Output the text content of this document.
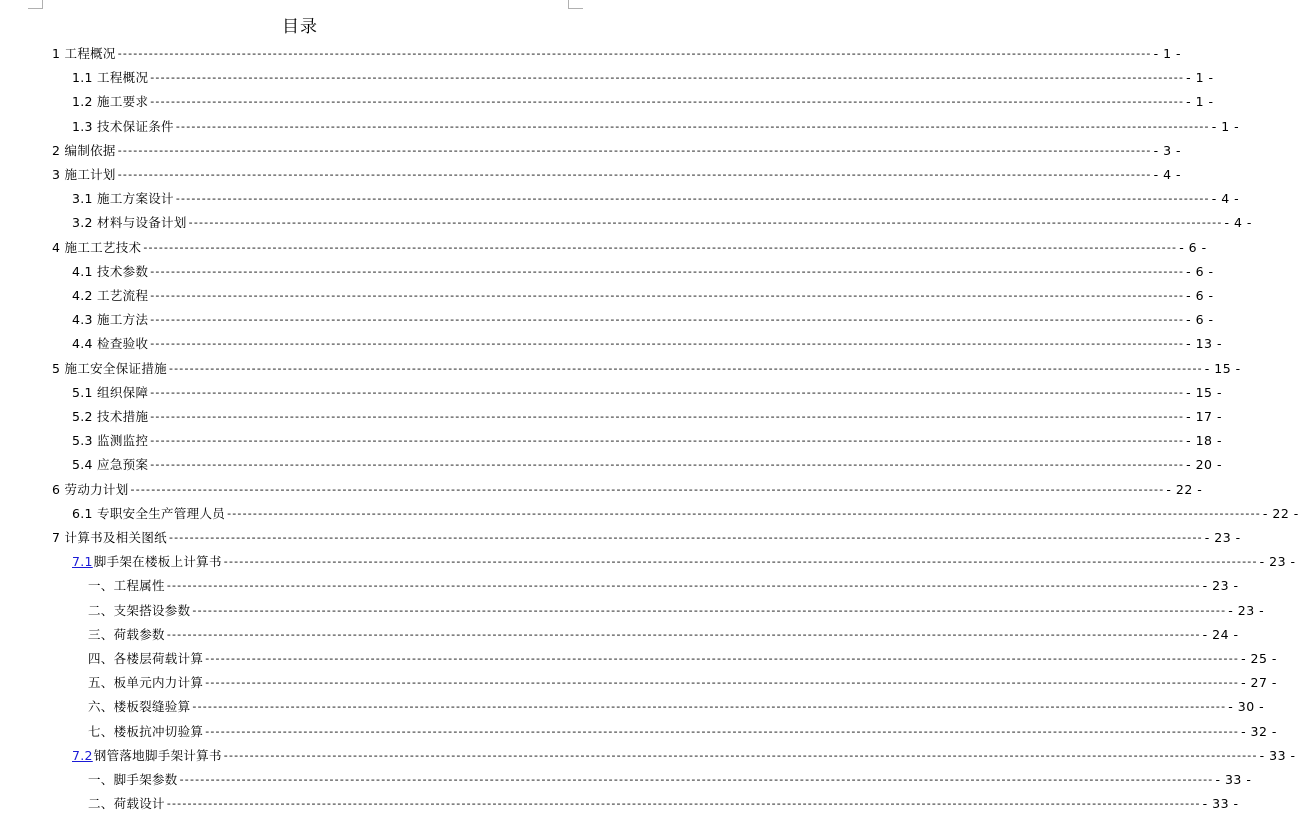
目录
1 工程概况 -------------------------------------------------------------------------------------------------------------------------------------------------------------------------------------------------------- - 1 -
1.1 工程概况 -------------------------------------------------------------------------------------------------------------------------------------------------------------------------------------------------------- - 1 -
1.2 施工要求 -------------------------------------------------------------------------------------------------------------------------------------------------------------------------------------------------------- - 1 -
1.3 技术保证条件 -------------------------------------------------------------------------------------------------------------------------------------------------------------------------------------------------------- - 1 -
2 编制依据 -------------------------------------------------------------------------------------------------------------------------------------------------------------------------------------------------------- - 3 -
3 施工计划 -------------------------------------------------------------------------------------------------------------------------------------------------------------------------------------------------------- - 4 -
3.1 施工方案设计 -------------------------------------------------------------------------------------------------------------------------------------------------------------------------------------------------------- - 4 -
3.2 材料与设备计划 -------------------------------------------------------------------------------------------------------------------------------------------------------------------------------------------------------- - 4 -
4 施工工艺技术 -------------------------------------------------------------------------------------------------------------------------------------------------------------------------------------------------------- - 6 -
4.1 技术参数 -------------------------------------------------------------------------------------------------------------------------------------------------------------------------------------------------------- - 6 -
4.2 工艺流程 -------------------------------------------------------------------------------------------------------------------------------------------------------------------------------------------------------- - 6 -
4.3 施工方法 -------------------------------------------------------------------------------------------------------------------------------------------------------------------------------------------------------- - 6 -
4.4 检查验收 -------------------------------------------------------------------------------------------------------------------------------------------------------------------------------------------------------- - 13 -
5 施工安全保证措施 -------------------------------------------------------------------------------------------------------------------------------------------------------------------------------------------------------- - 15 -
5.1 组织保障 -------------------------------------------------------------------------------------------------------------------------------------------------------------------------------------------------------- - 15 -
5.2 技术措施 -------------------------------------------------------------------------------------------------------------------------------------------------------------------------------------------------------- - 17 -
5.3 监测监控 -------------------------------------------------------------------------------------------------------------------------------------------------------------------------------------------------------- - 18 -
5.4 应急预案 -------------------------------------------------------------------------------------------------------------------------------------------------------------------------------------------------------- - 20 -
6 劳动力计划 -------------------------------------------------------------------------------------------------------------------------------------------------------------------------------------------------------- - 22 -
6.1 专职安全生产管理人员 -------------------------------------------------------------------------------------------------------------------------------------------------------------------------------------------------------- - 22 -
7 计算书及相关图纸 -------------------------------------------------------------------------------------------------------------------------------------------------------------------------------------------------------- - 23 -
7.1脚手架在楼板上计算书 -------------------------------------------------------------------------------------------------------------------------------------------------------------------------------------------------------- - 23 -
一、工程属性 -------------------------------------------------------------------------------------------------------------------------------------------------------------------------------------------------------- - 23 -
二、支架搭设参数 -------------------------------------------------------------------------------------------------------------------------------------------------------------------------------------------------------- - 23 -
三、荷载参数 -------------------------------------------------------------------------------------------------------------------------------------------------------------------------------------------------------- - 24 -
四、各楼层荷载计算 -------------------------------------------------------------------------------------------------------------------------------------------------------------------------------------------------------- - 25 -
五、板单元内力计算 -------------------------------------------------------------------------------------------------------------------------------------------------------------------------------------------------------- - 27 -
六、楼板裂缝验算 -------------------------------------------------------------------------------------------------------------------------------------------------------------------------------------------------------- - 30 -
七、楼板抗冲切验算 -------------------------------------------------------------------------------------------------------------------------------------------------------------------------------------------------------- - 32 -
7.2钢管落地脚手架计算书 -------------------------------------------------------------------------------------------------------------------------------------------------------------------------------------------------------- - 33 -
一、脚手架参数 -------------------------------------------------------------------------------------------------------------------------------------------------------------------------------------------------------- - 33 -
二、荷载设计 -------------------------------------------------------------------------------------------------------------------------------------------------------------------------------------------------------- - 33 -
